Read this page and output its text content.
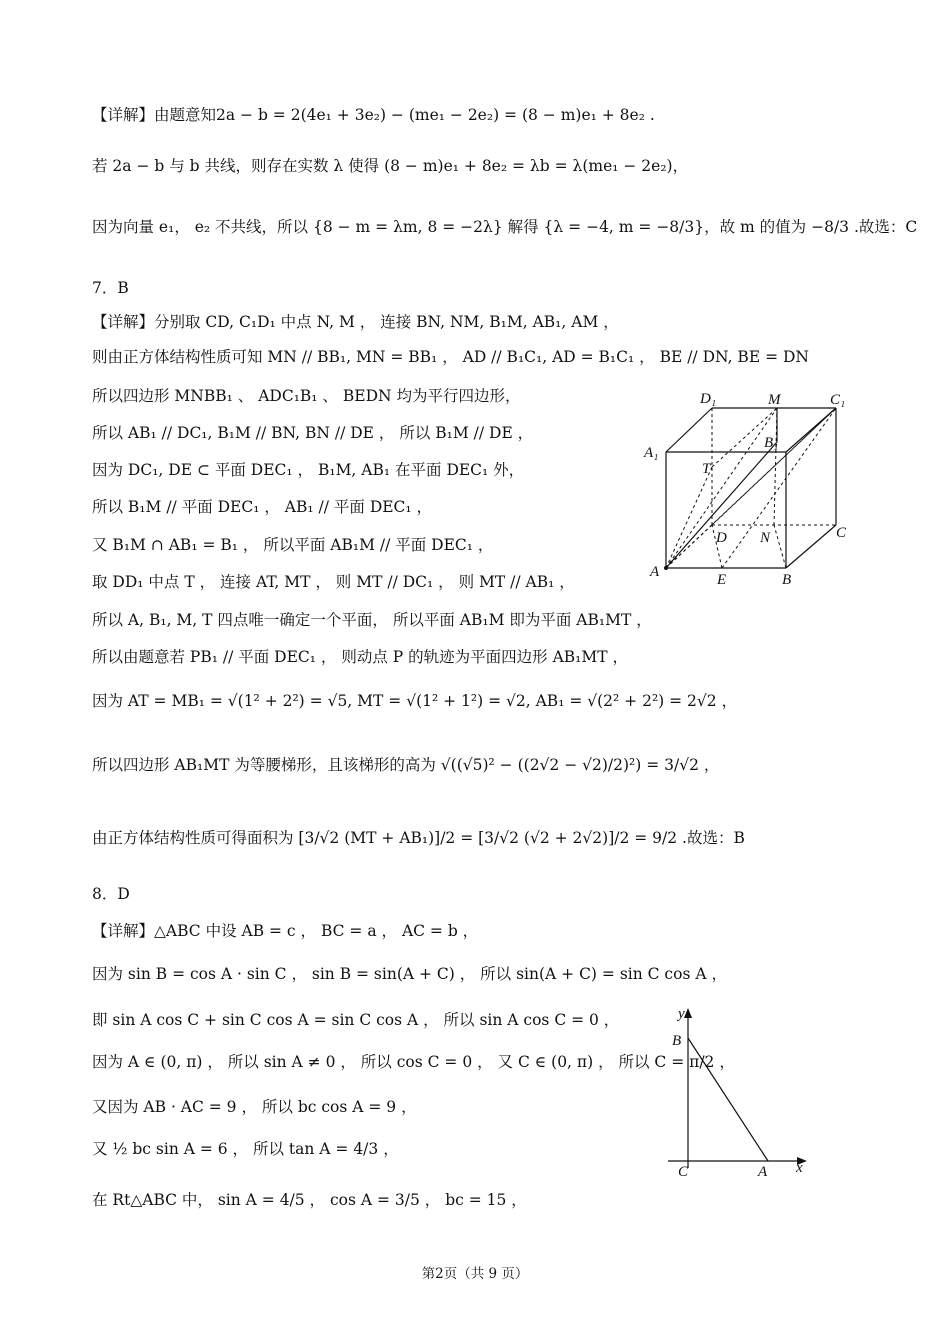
【详解】由题意知2a − b = 2(4e₁ + 3e₂) − (me₁ − 2e₂) = (8 − m)e₁ + 8e₂ .
若 2a − b 与 b 共线，则存在实数 λ 使得 (8 − m)e₁ + 8e₂ = λb = λ(me₁ − 2e₂)，
因为向量 e₁， e₂ 不共线，所以 {8 − m = λm, 8 = −2λ} 解得 {λ = −4, m = −8/3}，故 m 的值为 −8/3 .故选：C
7．B
【详解】分别取 CD, C₁D₁ 中点 N, M ， 连接 BN, NM, B₁M, AB₁, AM ，
则由正方体结构性质可知 MN // BB₁, MN = BB₁ ， AD // B₁C₁, AD = B₁C₁ ， BE // DN, BE = DN
所以四边形 MNBB₁ 、 ADC₁B₁ 、 BEDN 均为平行四边形，
所以 AB₁ // DC₁, B₁M // BN, BN // DE ， 所以 B₁M // DE ，
因为 DC₁, DE ⊂ 平面 DEC₁ ， B₁M, AB₁ 在平面 DEC₁ 外，
所以 B₁M // 平面 DEC₁ ， AB₁ // 平面 DEC₁ ，
又 B₁M ∩ AB₁ = B₁ ， 所以平面 AB₁M // 平面 DEC₁ ，
取 DD₁ 中点 T ， 连接 AT, MT ， 则 MT // DC₁ ， 则 MT // AB₁ ，
所以 A, B₁, M, T 四点唯一确定一个平面， 所以平面 AB₁M 即为平面 AB₁MT ，
所以由题意若 PB₁ // 平面 DEC₁ ， 则动点 P 的轨迹为平面四边形 AB₁MT ，
因为 AT = MB₁ = √(1² + 2²) = √5, MT = √(1² + 1²) = √2, AB₁ = √(2² + 2²) = 2√2 ，
所以四边形 AB₁MT 为等腰梯形，且该梯形的高为 √((√5)² − ((2√2 − √2)/2)²) = 3/√2 ，
由正方体结构性质可得面积为 [3/√2 (MT + AB₁)]/2 = [3/√2 (√2 + 2√2)]/2 = 9/2 .故选：B
8．D
【详解】△ABC 中设 AB = c ， BC = a ， AC = b ，
因为 sin B = cos A · sin C ， sin B = sin(A + C) ， 所以 sin(A + C) = sin C cos A ，
即 sin A cos C + sin C cos A = sin C cos A ， 所以 sin A cos C = 0 ，
因为 A ∈ (0, π) ， 所以 sin A ≠ 0 ， 所以 cos C = 0 ， 又 C ∈ (0, π) ， 所以 C = π/2 ，
又因为 AB · AC = 9 ， 所以 bc cos A = 9 ，
又 ½ bc sin A = 6 ， 所以 tan A = 4/3 ，
在 Rt△ABC 中， sin A = 4/5 ， cos A = 3/5 ， bc = 15 ，
D₁	M	C₁
A₁
B₁
T
D N	C
A	E	B
y
x
B
C	A
第2页（共 9 页）
